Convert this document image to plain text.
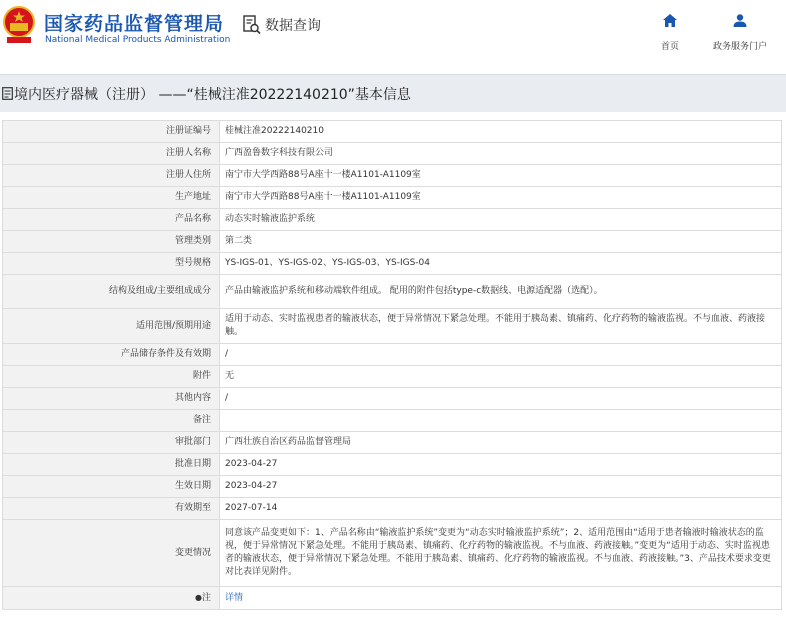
国家药品监督管理局
National Medical Products Administration
数据查询
首页	政务服务门户
境内医疗器械（注册） ——“桂械注准20222140210”基本信息
注册证编号	桂械注准20222140210
注册人名称	广西盈鲁数字科技有限公司
注册人住所	南宁市大学西路88号A座十一楼A1101-A1109室
生产地址	南宁市大学西路88号A座十一楼A1101-A1109室
产品名称	动态实时输液监护系统
管理类别	第二类
型号规格	YS-IGS-01、YS-IGS-02、YS-IGS-03、YS-IGS-04
结构及组成/主要组成成分	产品由输液监护系统和移动端软件组成。 配用的附件包括type-c数据线、电源适配器（选配）。
适用范围/预期用途	适用于动态、实时监视患者的输液状态，便于异常情况下紧急处理。不能用于胰岛素、镇痛药、化疗药物的输液监视。不与血液、药液接触。
产品储存条件及有效期	/
附件	无
其他内容	/
备注	
审批部门	广西壮族自治区药品监督管理局
批准日期	2023-04-27
生效日期	2023-04-27
有效期至	2027-07-14
变更情况	同意该产品变更如下：1、产品名称由“输液监护系统”变更为“动态实时输液监护系统”；2、适用范围由“适用于患者输液时输液状态的监视，便于异常情况下紧急处理。不能用于胰岛素、镇痛药、化疗药物的输液监视。不与血液、药液接触。”变更为“适用于动态、实时监视患者的输液状态，便于异常情况下紧急处理。不能用于胰岛素、镇痛药、化疗药物的输液监视。不与血液、药液接触。”3、产品技术要求变更对比表详见附件。
●注	详情
